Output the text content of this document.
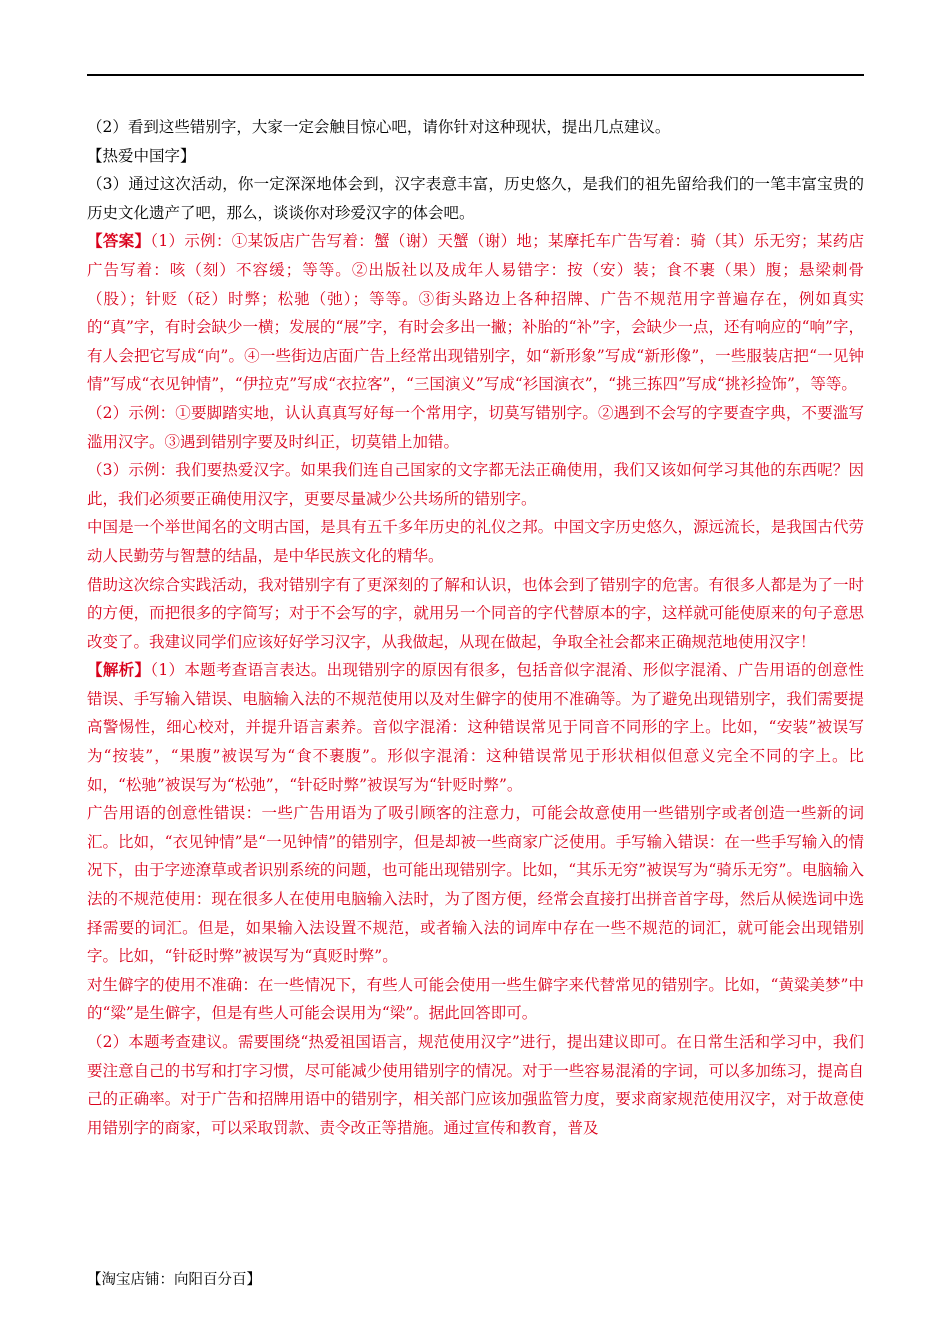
（2）看到这些错别字，大家一定会触目惊心吧，请你针对这种现状，提出几点建议。

【热爱中国字】

（3）通过这次活动，你一定深深地体会到，汉字表意丰富，历史悠久，是我们的祖先留给我们的一笔丰富宝贵的历史文化遗产了吧，那么，谈谈你对珍爱汉字的体会吧。

【答案】（1）示例：①某饭店广告写着：蟹（谢）天蟹（谢）地；某摩托车广告写着：骑（其）乐无穷；某药店广告写着：咳（刻）不容缓；等等。②出版社以及成年人易错字：按（安）装；食不裹（果）腹；悬梁刺骨（股）；针贬（砭）时弊；松驰（弛）；等等。③街头路边上各种招牌、广告不规范用字普遍存在，例如真实的“真”字，有时会缺少一横；发展的“展”字，有时会多出一撇；补胎的“补”字，会缺少一点，还有响应的“响”字，有人会把它写成“向”。④一些街边店面广告上经常出现错别字，如“新形象”写成“新形像”，一些服装店把“一见钟情”写成“衣见钟情”，“伊拉克”写成“衣拉客”，“三国演义”写成“衫国演衣”，“挑三拣四”写成“挑衫捡饰”，等等。

（2）示例：①要脚踏实地，认认真真写好每一个常用字，切莫写错别字。②遇到不会写的字要查字典，不要滥写滥用汉字。③遇到错别字要及时纠正，切莫错上加错。

（3）示例：我们要热爱汉字。如果我们连自己国家的文字都无法正确使用，我们又该如何学习其他的东西呢？因此，我们必须要正确使用汉字，更要尽量减少公共场所的错别字。

中国是一个举世闻名的文明古国，是具有五千多年历史的礼仪之邦。中国文字历史悠久，源远流长，是我国古代劳动人民勤劳与智慧的结晶，是中华民族文化的精华。

借助这次综合实践活动，我对错别字有了更深刻的了解和认识，也体会到了错别字的危害。有很多人都是为了一时的方便，而把很多的字简写；对于不会写的字，就用另一个同音的字代替原本的字，这样就可能使原来的句子意思改变了。我建议同学们应该好好学习汉字，从我做起，从现在做起，争取全社会都来正确规范地使用汉字！

【解析】（1）本题考查语言表达。出现错别字的原因有很多，包括音似字混淆、形似字混淆、广告用语的创意性错误、手写输入错误、电脑输入法的不规范使用以及对生僻字的使用不准确等。为了避免出现错别字，我们需要提高警惕性，细心校对，并提升语言素养。音似字混淆：这种错误常见于同音不同形的字上。比如，“安装”被误写为“按装”，“果腹”被误写为“食不裹腹”。形似字混淆：这种错误常见于形状相似但意义完全不同的字上。比如，“松驰”被误写为“松弛”，“针砭时弊”被误写为“针贬时弊”。

广告用语的创意性错误：一些广告用语为了吸引顾客的注意力，可能会故意使用一些错别字或者创造一些新的词汇。比如，“衣见钟情”是“一见钟情”的错别字，但是却被一些商家广泛使用。手写输入错误：在一些手写输入的情况下，由于字迹潦草或者识别系统的问题，也可能出现错别字。比如，“其乐无穷”被误写为“骑乐无穷”。电脑输入法的不规范使用：现在很多人在使用电脑输入法时，为了图方便，经常会直接打出拼音首字母，然后从候选词中选择需要的词汇。但是，如果输入法设置不规范，或者输入法的词库中存在一些不规范的词汇，就可能会出现错别字。比如，“针砭时弊”被误写为“真贬时弊”。

对生僻字的使用不准确：在一些情况下，有些人可能会使用一些生僻字来代替常见的错别字。比如，“黄粱美梦”中的“粱”是生僻字，但是有些人可能会误用为“梁”。据此回答即可。

（2）本题考查建议。需要围绕“热爱祖国语言，规范使用汉字”进行，提出建议即可。在日常生活和学习中，我们要注意自己的书写和打字习惯，尽可能减少使用错别字的情况。对于一些容易混淆的字词，可以多加练习，提高自己的正确率。对于广告和招牌用语中的错别字，相关部门应该加强监管力度，要求商家规范使用汉字，对于故意使用错别字的商家，可以采取罚款、责令改正等措施。通过宣传和教育，普及

【淘宝店铺：向阳百分百】
